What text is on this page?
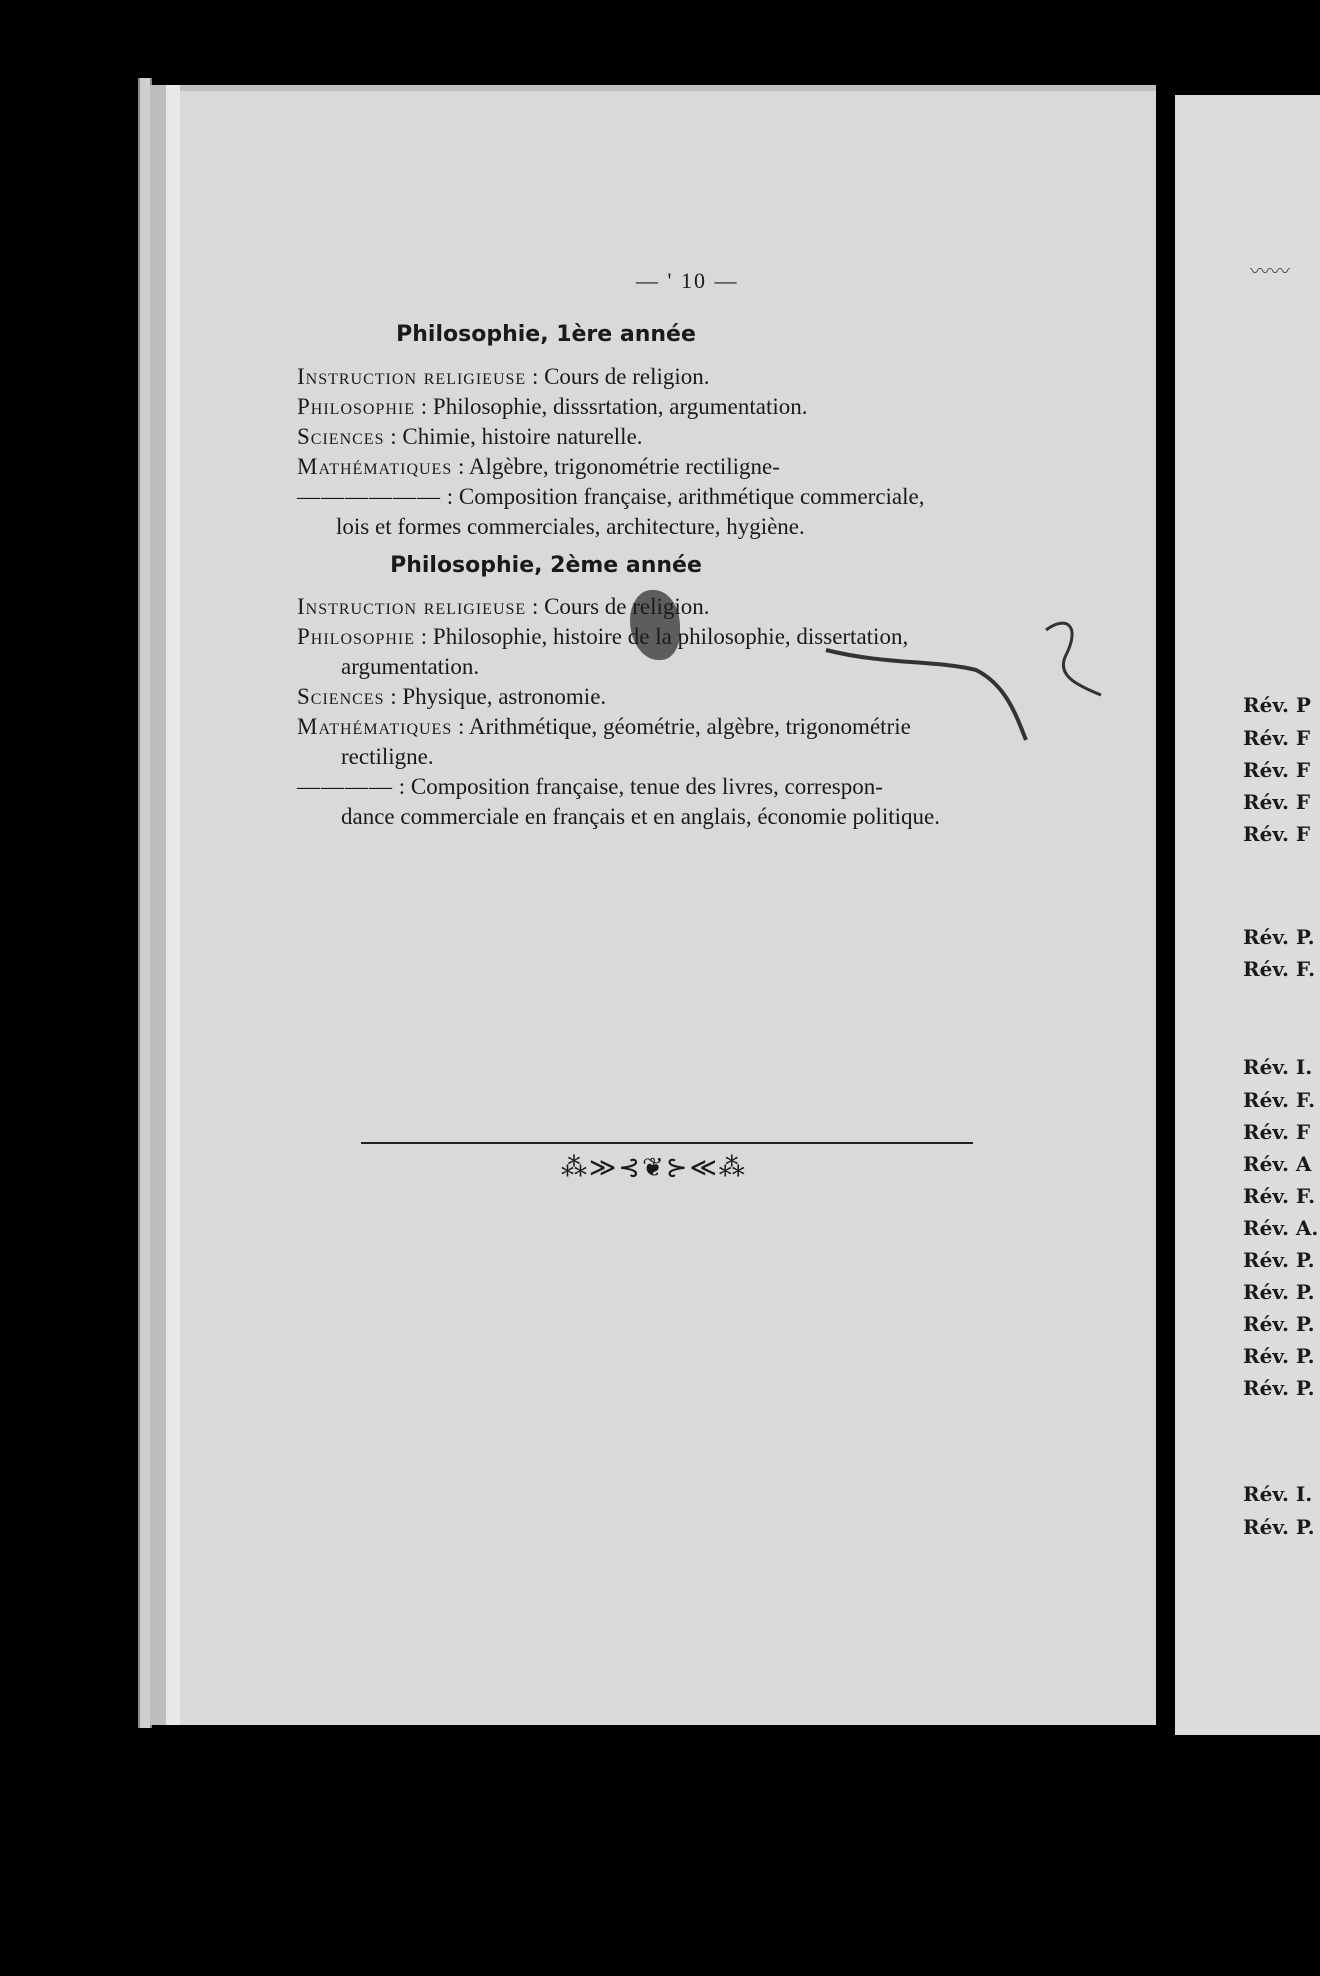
— ' 10 —
Philosophie, 1ère année
Instruction religieuse : Cours de religion.
Philosophie : Philosophie, disssrtation, argumentation.
Sciences : Chimie, histoire naturelle.
Mathématiques : Algèbre, trigonométrie rectiligne-
—————— : Composition française, arithmétique commerciale,
lois et formes commerciales, architecture, hygiène.
Philosophie, 2ème année
Instruction religieuse : Cours de religion.
Philosophie : Philosophie, histoire de la philosophie, dissertation,
argumentation.
Sciences : Physique, astronomie.
Mathématiques : Arithmétique, géométrie, algèbre, trigonométrie
rectiligne.
———— : Composition française, tenue des livres, correspon-
dance commerciale en français et en anglais, économie politique.
⁂≫⊰❦⊱≪⁂
〰〰
Rév. P
Rév. F
Rév. F
Rév. F
Rév. F
Rév. P.
Rév. F.
Rév. I.
Rév. F.
Rév. F
Rév. A
Rév. F.
Rév. A.
Rév. P.
Rév. P.
Rév. P.
Rév. P.
Rév. P.
Rév. I.
Rév. P.
